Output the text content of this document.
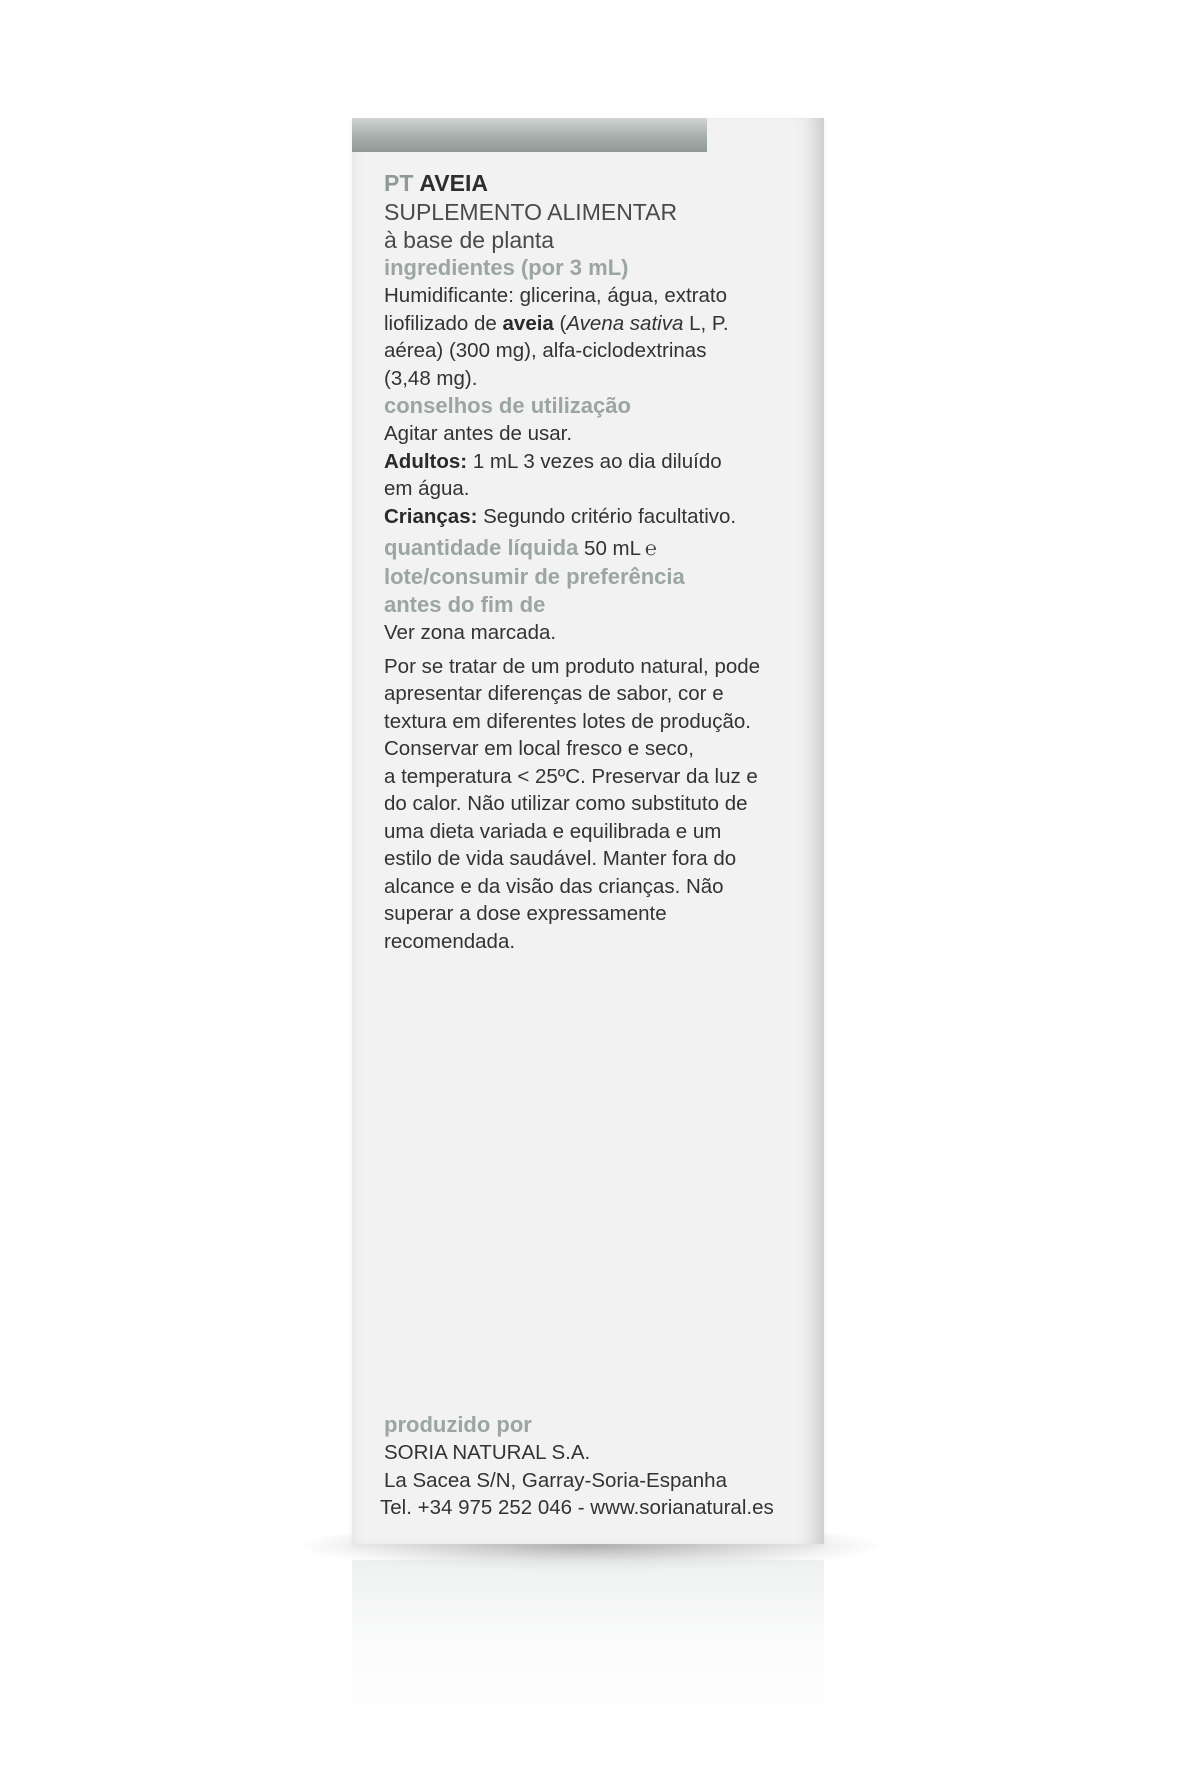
PT AVEIA
SUPLEMENTO ALIMENTAR
à base de planta
ingredientes (por 3 mL)
Humidificante: glicerina, água, extrato
liofilizado de aveia (Avena sativa L, P.
aérea) (300 mg), alfa-ciclodextrinas
(3,48 mg).
conselhos de utilização
Agitar antes de usar.
Adultos: 1 mL 3 vezes ao dia diluído
em água.
Crianças: Segundo critério facultativo.
quantidade líquida 50 mL ℮
lote/consumir de preferência
antes do fim de
Ver zona marcada.
Por se tratar de um produto natural, pode
apresentar diferenças de sabor, cor e
textura em diferentes lotes de produção.
Conservar em local fresco e seco,
a temperatura < 25ºC. Preservar da luz e
do calor. Não utilizar como substituto de
uma dieta variada e equilibrada e um
estilo de vida saudável. Manter fora do
alcance e da visão das crianças. Não
superar a dose expressamente
recomendada.
produzido por
SORIA NATURAL S.A.
La Sacea S/N, Garray-Soria-Espanha
Tel. +34 975 252 046 - www.sorianatural.es
